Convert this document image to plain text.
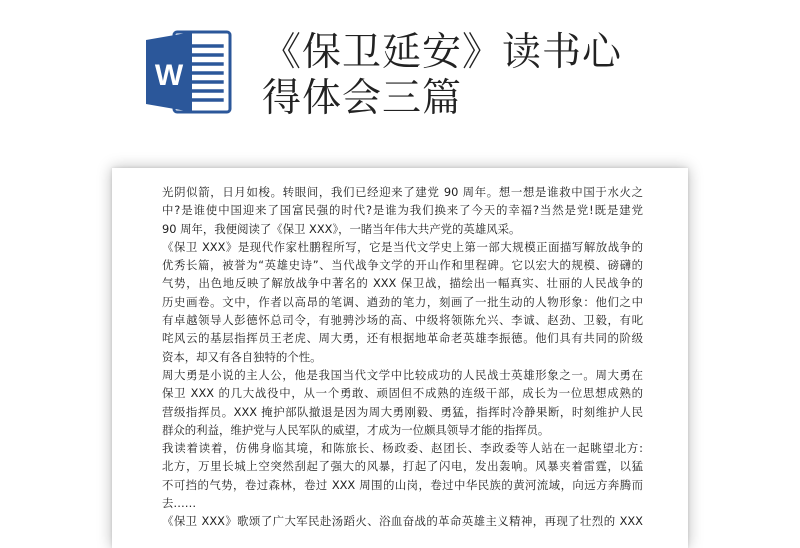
W
《保卫延安》读书心
得体会三篇
光阴似箭，日月如梭。转眼间，我们已经迎来了建党 90 周年。想一想是谁救中国于水火之
中?是谁使中国迎来了国富民强的时代?是谁为我们换来了今天的幸福?当然是党!既是建党
90 周年，我便阅读了《保卫 XXX》，一睹当年伟大共产党的英雄风采。
《保卫 XXX》是现代作家杜鹏程所写，它是当代文学史上第一部大规模正面描写解放战争的
优秀长篇，被誉为“英雄史诗”、当代战争文学的开山作和里程碑。它以宏大的规模、磅礴的
气势，出色地反映了解放战争中著名的 XXX 保卫战，描绘出一幅真实、壮丽的人民战争的
历史画卷。文中，作者以高昂的笔调、遒劲的笔力，刻画了一批生动的人物形象：他们之中
有卓越领导人彭德怀总司令，有驰骋沙场的高、中级将领陈允兴、李诚、赵劲、卫毅，有叱
咤风云的基层指挥员王老虎、周大勇，还有根据地革命老英雄李振德。他们具有共同的阶级
资本，却又有各自独特的个性。
周大勇是小说的主人公，他是我国当代文学中比较成功的人民战士英雄形象之一。周大勇在
保卫 XXX 的几大战役中，从一个勇敢、顽固但不成熟的连级干部，成长为一位思想成熟的
营级指挥员。XXX 掩护部队撤退是因为周大勇刚毅、勇猛，指挥时冷静果断，时刻维护人民
群众的利益，维护党与人民军队的威望，才成为一位颇具领导才能的指挥员。
我读着读着，仿佛身临其境，和陈旅长、杨政委、赵团长、李政委等人站在一起眺望北方:
北方，万里长城上空突然刮起了强大的风暴，打起了闪电，发出轰响。风暴夹着雷霆，以猛
不可挡的气势，卷过森林，卷过 XXX 周围的山岗，卷过中华民族的黄河流域，向远方奔腾而
去……
《保卫 XXX》歌颂了广大军民赴汤蹈火、浴血奋战的革命英雄主义精神，再现了壮烈的 XXX
